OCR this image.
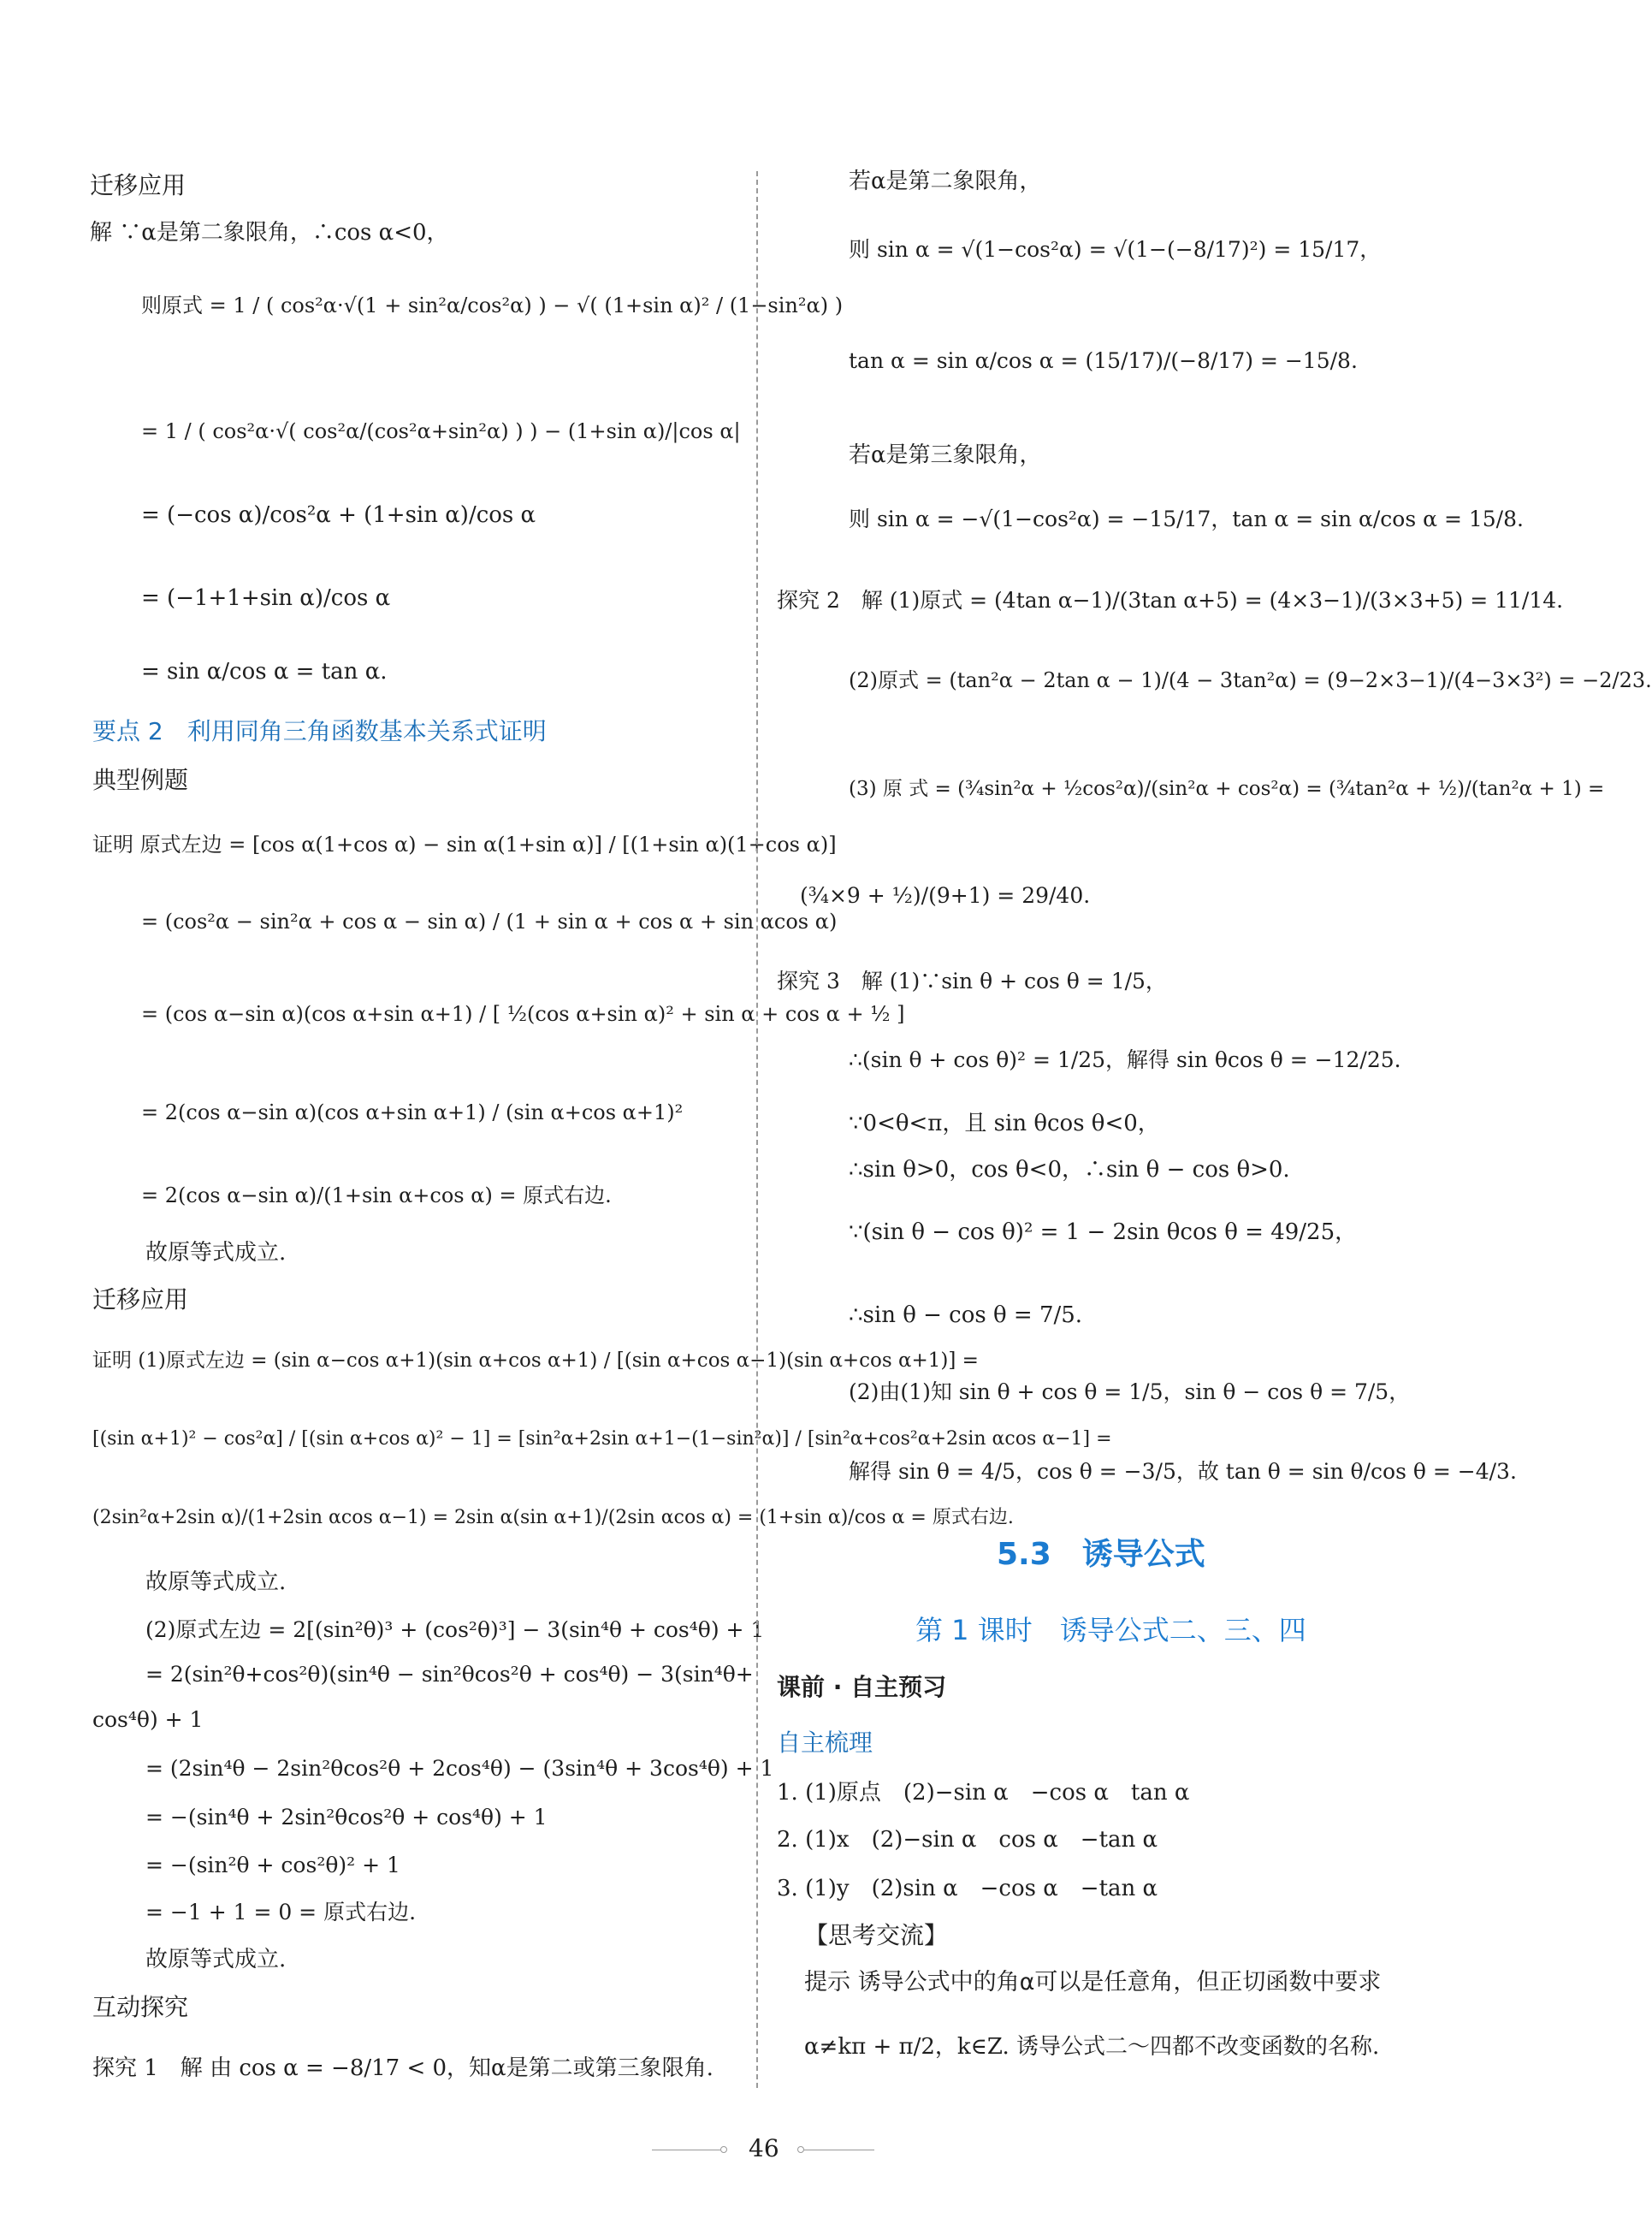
迁移应用
解 ∵α是第二象限角，∴cos α<0，
则原式 = 1 / ( cos²α·√(1 + sin²α/cos²α) ) − √( (1+sin α)² / (1−sin²α) )
= 1 / ( cos²α·√( cos²α/(cos²α+sin²α) ) ) − (1+sin α)/|cos α|
= (−cos α)/cos²α + (1+sin α)/cos α
= (−1+1+sin α)/cos α
= sin α/cos α = tan α.
要点 2　利用同角三角函数基本关系式证明
典型例题
证明 原式左边 = [cos α(1+cos α) − sin α(1+sin α)] / [(1+sin α)(1+cos α)]
= (cos²α − sin²α + cos α − sin α) / (1 + sin α + cos α + sin αcos α)
= (cos α−sin α)(cos α+sin α+1) / [ ½(cos α+sin α)² + sin α + cos α + ½ ]
= 2(cos α−sin α)(cos α+sin α+1) / (sin α+cos α+1)²
= 2(cos α−sin α)/(1+sin α+cos α) = 原式右边.
故原等式成立.
迁移应用
证明 (1)原式左边 = (sin α−cos α+1)(sin α+cos α+1) / [(sin α+cos α−1)(sin α+cos α+1)] =
[(sin α+1)² − cos²α] / [(sin α+cos α)² − 1] = [sin²α+2sin α+1−(1−sin²α)] / [sin²α+cos²α+2sin αcos α−1] =
(2sin²α+2sin α)/(1+2sin αcos α−1) = 2sin α(sin α+1)/(2sin αcos α) = (1+sin α)/cos α = 原式右边.
故原等式成立.
(2)原式左边 = 2[(sin²θ)³ + (cos²θ)³] − 3(sin⁴θ + cos⁴θ) + 1
= 2(sin²θ+cos²θ)(sin⁴θ − sin²θcos²θ + cos⁴θ) − 3(sin⁴θ+
cos⁴θ) + 1
= (2sin⁴θ − 2sin²θcos²θ + 2cos⁴θ) − (3sin⁴θ + 3cos⁴θ) + 1
= −(sin⁴θ + 2sin²θcos²θ + cos⁴θ) + 1
= −(sin²θ + cos²θ)² + 1
= −1 + 1 = 0 = 原式右边.
故原等式成立.
互动探究
探究 1　解 由 cos α = −8/17 < 0，知α是第二或第三象限角.
若α是第二象限角，
则 sin α = √(1−cos²α) = √(1−(−8/17)²) = 15/17，
tan α = sin α/cos α = (15/17)/(−8/17) = −15/8.
若α是第三象限角，
则 sin α = −√(1−cos²α) = −15/17，tan α = sin α/cos α = 15/8.
探究 2　解 (1)原式 = (4tan α−1)/(3tan α+5) = (4×3−1)/(3×3+5) = 11/14.
(2)原式 = (tan²α − 2tan α − 1)/(4 − 3tan²α) = (9−2×3−1)/(4−3×3²) = −2/23.
(3) 原 式 = (¾sin²α + ½cos²α)/(sin²α + cos²α) = (¾tan²α + ½)/(tan²α + 1) =
(¾×9 + ½)/(9+1) = 29/40.
探究 3　解 (1)∵sin θ + cos θ = 1/5，
∴(sin θ + cos θ)² = 1/25，解得 sin θcos θ = −12/25.
∵0<θ<π，且 sin θcos θ<0，
∴sin θ>0，cos θ<0，∴sin θ − cos θ>0.
∵(sin θ − cos θ)² = 1 − 2sin θcos θ = 49/25，
∴sin θ − cos θ = 7/5.
(2)由(1)知 sin θ + cos θ = 1/5，sin θ − cos θ = 7/5，
解得 sin θ = 4/5，cos θ = −3/5，故 tan θ = sin θ/cos θ = −4/3.
5.3　诱导公式
第 1 课时　诱导公式二、三、四
课前 · 自主预习
自主梳理
1. (1)原点　(2)−sin α　−cos α　tan α
2. (1)x　(2)−sin α　cos α　−tan α
3. (1)y　(2)sin α　−cos α　−tan α
【思考交流】
提示 诱导公式中的角α可以是任意角，但正切函数中要求
α≠kπ + π/2，k∈Z. 诱导公式二～四都不改变函数的名称.
46
